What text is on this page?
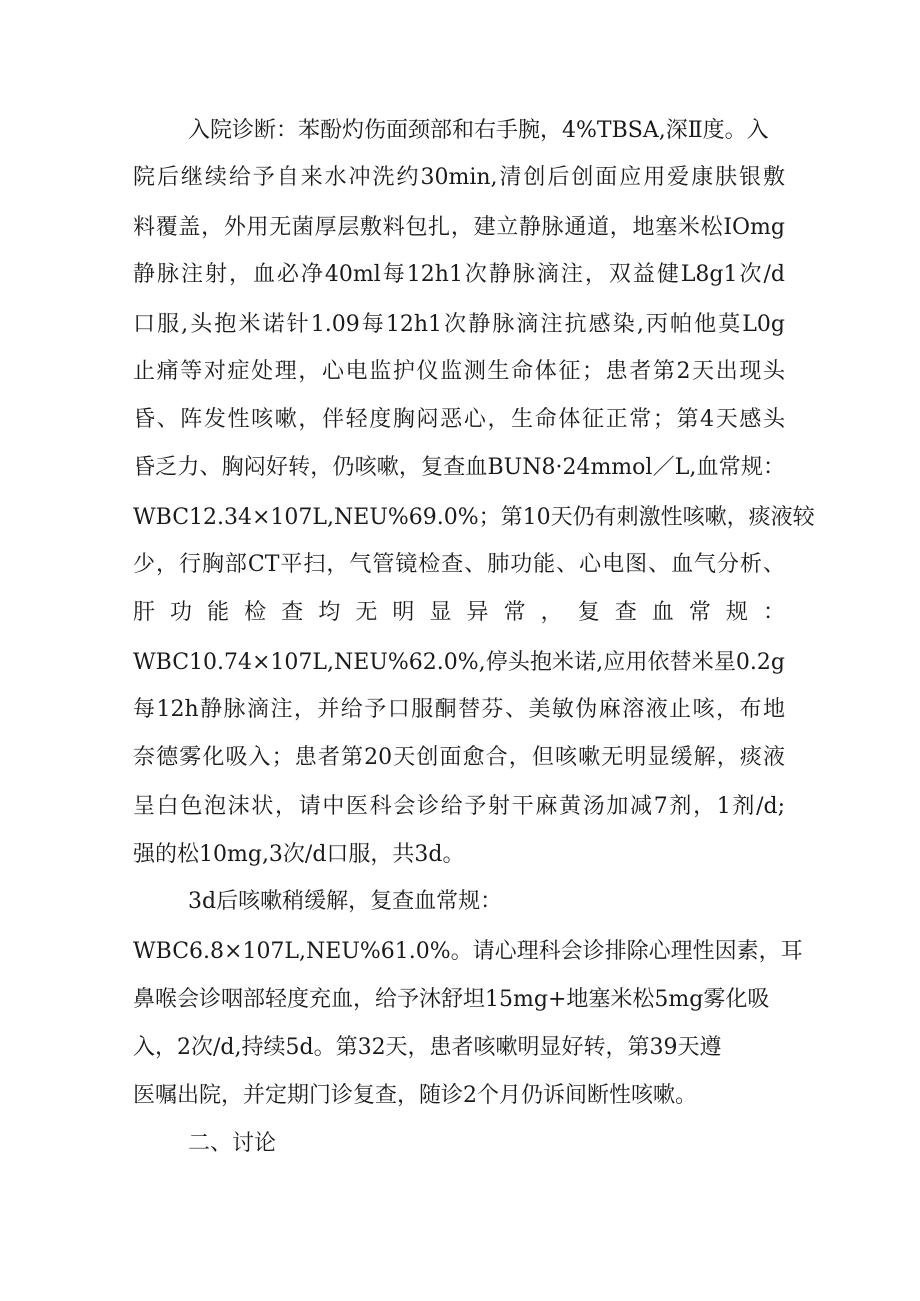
入院诊断：苯酚灼伤面颈部和右手腕，4%TBSA,深Ⅱ度。入

院后继续给予自来水冲洗约30min,清创后创面应用爱康肤银敷

料覆盖，外用无菌厚层敷料包扎，建立静脉通道，地塞米松IOmg

静脉注射，血必净40ml每12h1次静脉滴注，双益健L8g1次/d

口服,头抱米诺针1.09每12h1次静脉滴注抗感染,丙帕他莫L0g

止痛等对症处理，心电监护仪监测生命体征；患者第2天出现头

昏、阵发性咳嗽，伴轻度胸闷恶心，生命体征正常；第4天感头

昏乏力、胸闷好转，仍咳嗽，复查血BUN8·24mmol／L,血常规：

WBC12.34×107L,NEU%69.0%；第10天仍有刺激性咳嗽，痰液较

少，行胸部CT平扫，气管镜检查、肺功能、心电图、血气分析、

肝功能检查均无明显异常，复查血常规：

WBC10.74×107L,NEU%62.0%,停头抱米诺,应用依替米星0.2g

每12h静脉滴注，并给予口服酮替芬、美敏伪麻溶液止咳，布地

奈德雾化吸入；患者第20天创面愈合，但咳嗽无明显缓解，痰液

呈白色泡沫状，请中医科会诊给予射干麻黄汤加减7剂，1剂/d;

强的松10mg,3次/d口服，共3d。

3d后咳嗽稍缓解，复查血常规：

WBC6.8×107L,NEU%61.0%。请心理科会诊排除心理性因素，耳

鼻喉会诊咽部轻度充血，给予沐舒坦15mg+地塞米松5mg雾化吸

入，2次/d,持续5d。第32天，患者咳嗽明显好转，第39天遵

医嘱出院，并定期门诊复查，随诊2个月仍诉间断性咳嗽。

二、讨论
